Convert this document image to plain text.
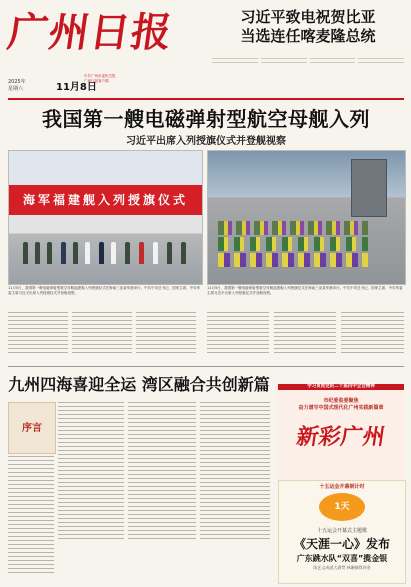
广州日报	习近平致电祝贺比亚
当选连任喀麦隆总统
2025年
星期六	11月8日
中共广州市委机关报
广州日报客户端
我国第一艘电磁弹射型航空母舰入列
习近平出席入列授旗仪式并登舰视察
海军福建舰入列授旗仪式
11月5日，我国第一艘电磁弹射型航空母舰福建舰入列授旗仪式在海南三亚某军港举行。中共中央总书记、国家主席、中央军委主席习近平出席入列授旗仪式并登舰视察。
11月5日，我国第一艘电磁弹射型航空母舰福建舰入列授旗仪式在海南三亚某军港举行。中共中央总书记、国家主席、中央军委主席习近平出席入列授旗仪式并登舰视察。
九州四海喜迎全运 湾区融合共创新篇
序言
学习贯彻党的二十届四中全会精神
市纪委监委聚焦
奋力谱写中国式现代化广州实践新篇章
新彩广州
十五运会开幕倒计时
1天
十五运会开幕式主题歌
《天涯一心》发布
广东跳水队“双喜”揽金银
陈艺文成就大满贯 林珊摘得四金
